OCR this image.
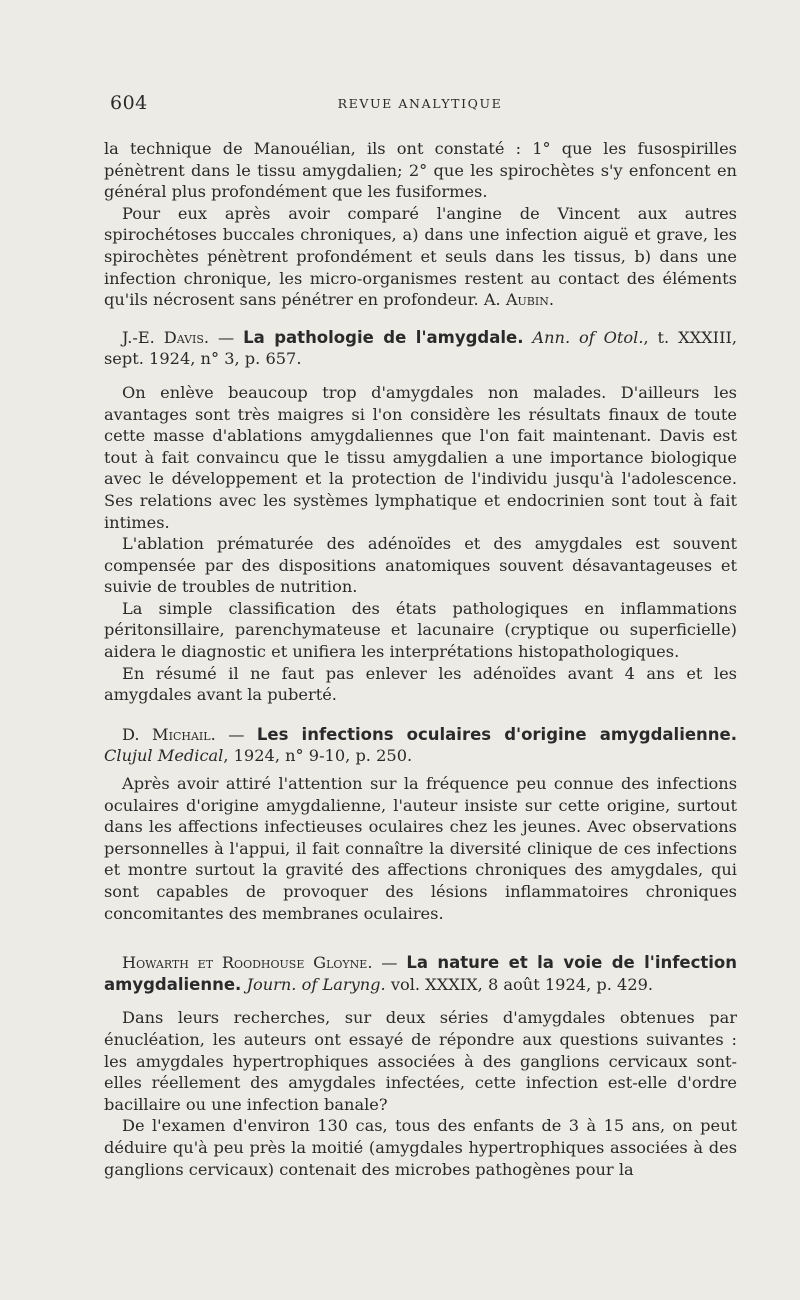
604	REVUE ANALYTIQUE

la technique de Manouélian, ils ont constaté : 1° que les fusospirilles pénètrent dans le tissu amygdalien; 2° que les spirochètes s'y enfoncent en général plus profondément que les fusiformes.

Pour eux après avoir comparé l'angine de Vincent aux autres spirochétoses buccales chroniques, a) dans une infection aiguë et grave, les spirochètes pénètrent profondément et seuls dans les tissus, b) dans une infection chronique, les micro-organismes restent au contact des éléments qu'ils nécrosent sans pénétrer en profondeur. A. Aubin.

J.-E. Davis. — La pathologie de l'amygdale. Ann. of Otol., t. XXXIII, sept. 1924, n° 3, p. 657.

On enlève beaucoup trop d'amygdales non malades. D'ailleurs les avantages sont très maigres si l'on considère les résultats finaux de toute cette masse d'ablations amygdaliennes que l'on fait maintenant. Davis est tout à fait convaincu que le tissu amygdalien a une importance biologique avec le développement et la protection de l'individu jusqu'à l'adolescence. Ses relations avec les systèmes lymphatique et endocrinien sont tout à fait intimes.

L'ablation prématurée des adénoïdes et des amygdales est souvent compensée par des dispositions anatomiques souvent désavantageuses et suivie de troubles de nutrition.

La simple classification des états pathologiques en inflammations péritonsillaire, parenchymateuse et lacunaire (cryptique ou superficielle) aidera le diagnostic et unifiera les interprétations histopathologiques.

En résumé il ne faut pas enlever les adénoïdes avant 4 ans et les amygdales avant la puberté.

D. Michail. — Les infections oculaires d'origine amygdalienne. Clujul Medical, 1924, n° 9-10, p. 250.

Après avoir attiré l'attention sur la fréquence peu connue des infections oculaires d'origine amygdalienne, l'auteur insiste sur cette origine, surtout dans les affections infectieuses oculaires chez les jeunes. Avec observations personnelles à l'appui, il fait connaître la diversité clinique de ces infections et montre surtout la gravité des affections chroniques des amygdales, qui sont capables de provoquer des lésions inflammatoires chroniques concomitantes des membranes oculaires.

Howarth et Roodhouse Gloyne. — La nature et la voie de l'infection amygdalienne. Journ. of Laryng. vol. XXXIX, 8 août 1924, p. 429.

Dans leurs recherches, sur deux séries d'amygdales obtenues par énucléation, les auteurs ont essayé de répondre aux questions suivantes : les amygdales hypertrophiques associées à des ganglions cervicaux sont-elles réellement des amygdales infectées, cette infection est-elle d'ordre bacillaire ou une infection banale?

De l'examen d'environ 130 cas, tous des enfants de 3 à 15 ans, on peut déduire qu'à peu près la moitié (amygdales hypertrophiques associées à des ganglions cervicaux) contenait des microbes pathogènes pour la
